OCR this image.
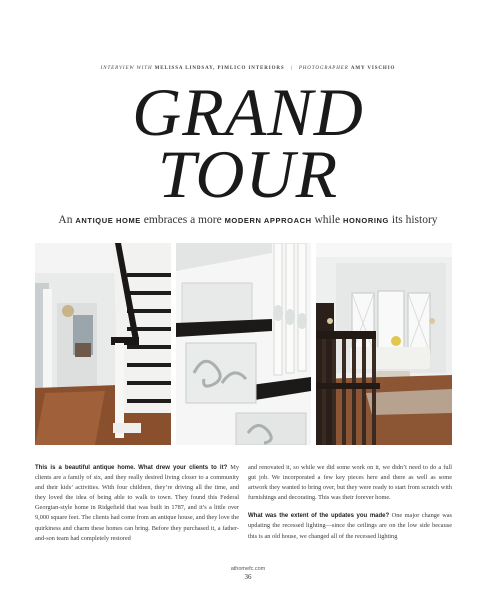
INTERVIEW WITH MELISSA LINDSAY, PIMLICO INTERIORS | PHOTOGRAPHER AMY VISCHIO
GRAND
TOUR
An ANTIQUE HOME embraces a more MODERN APPROACH while HONORING its history

This is a beautiful antique home. What drew your clients to it? My clients are a family of six, and they really desired living closer to a community and their kids’ activities. With four children, they’re driving all the time, and they loved the idea of being able to walk to town. They found this Federal Georgian-style home in Ridgefield that was built in 1787, and it’s a little over 9,000 square feet. The clients had come from an antique house, and they love the quirkiness and charm these homes can bring. Before they purchased it, a father-and-son team had completely restored

and renovated it, so while we did some work on it, we didn’t need to do a full gut job. We incorporated a few key pieces here and there as well as some artwork they wanted to bring over, but they were ready to start from scratch with furnishings and decorating. This was their forever home.

What was the extent of the updates you made? One major change was updating the recessed lighting—since the ceilings are on the low side because this is an old house, we changed all of the recessed lighting

athomefc.com
36
